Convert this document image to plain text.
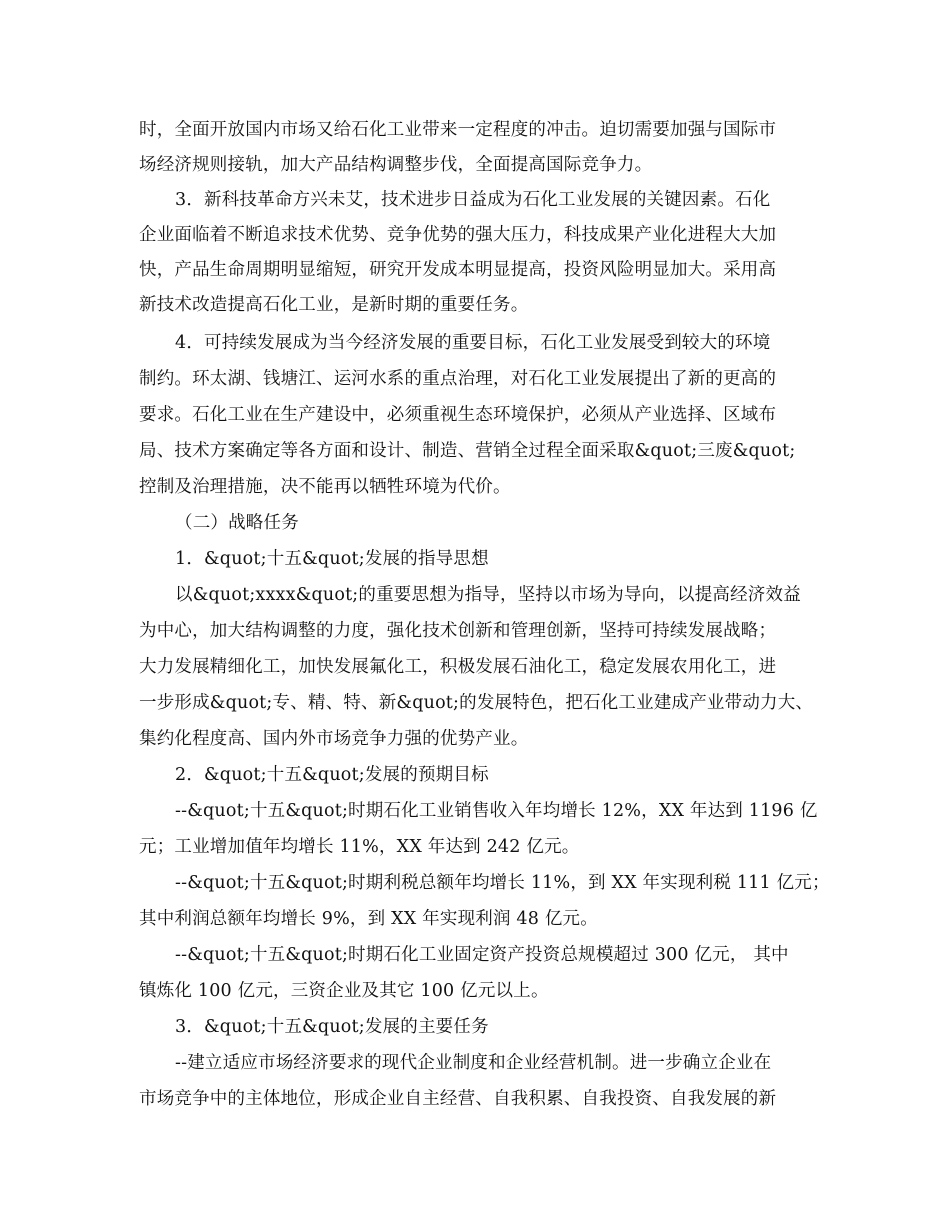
时，全面开放国内市场又给石化工业带来一定程度的冲击。迫切需要加强与国际市
场经济规则接轨，加大产品结构调整步伐，全面提高国际竞争力。
3．新科技革命方兴未艾，技术进步日益成为石化工业发展的关键因素。石化
企业面临着不断追求技术优势、竞争优势的强大压力，科技成果产业化进程大大加
快，产品生命周期明显缩短，研究开发成本明显提高，投资风险明显加大。采用高
新技术改造提高石化工业，是新时期的重要任务。
4．可持续发展成为当今经济发展的重要目标，石化工业发展受到较大的环境
制约。环太湖、钱塘江、运河水系的重点治理，对石化工业发展提出了新的更高的
要求。石化工业在生产建设中，必须重视生态环境保护，必须从产业选择、区域布
局、技术方案确定等各方面和设计、制造、营销全过程全面采取&quot;三废&quot;
控制及治理措施，决不能再以牺牲环境为代价。
（二）战略任务
1．&quot;十五&quot;发展的指导思想
以&quot;xxxx&quot;的重要思想为指导，坚持以市场为导向，以提高经济效益
为中心，加大结构调整的力度，强化技术创新和管理创新，坚持可持续发展战略；
大力发展精细化工，加快发展氟化工，积极发展石油化工，稳定发展农用化工，进
一步形成&quot;专、精、特、新&quot;的发展特色，把石化工业建成产业带动力大、
集约化程度高、国内外市场竞争力强的优势产业。
2．&quot;十五&quot;发展的预期目标
--&quot;十五&quot;时期石化工业销售收入年均增长 12%，XX 年达到 1196 亿
元；工业增加值年均增长 11%，XX 年达到 242 亿元。
--&quot;十五&quot;时期利税总额年均增长 11%，到 XX 年实现利税 111 亿元；
其中利润总额年均增长 9%，到 XX 年实现利润 48 亿元。
--&quot;十五&quot;时期石化工业固定资产投资总规模超过 300 亿元， 其中
镇炼化 100 亿元，三资企业及其它 100 亿元以上。
3．&quot;十五&quot;发展的主要任务
--建立适应市场经济要求的现代企业制度和企业经营机制。进一步确立企业在
市场竞争中的主体地位，形成企业自主经营、自我积累、自我投资、自我发展的新
